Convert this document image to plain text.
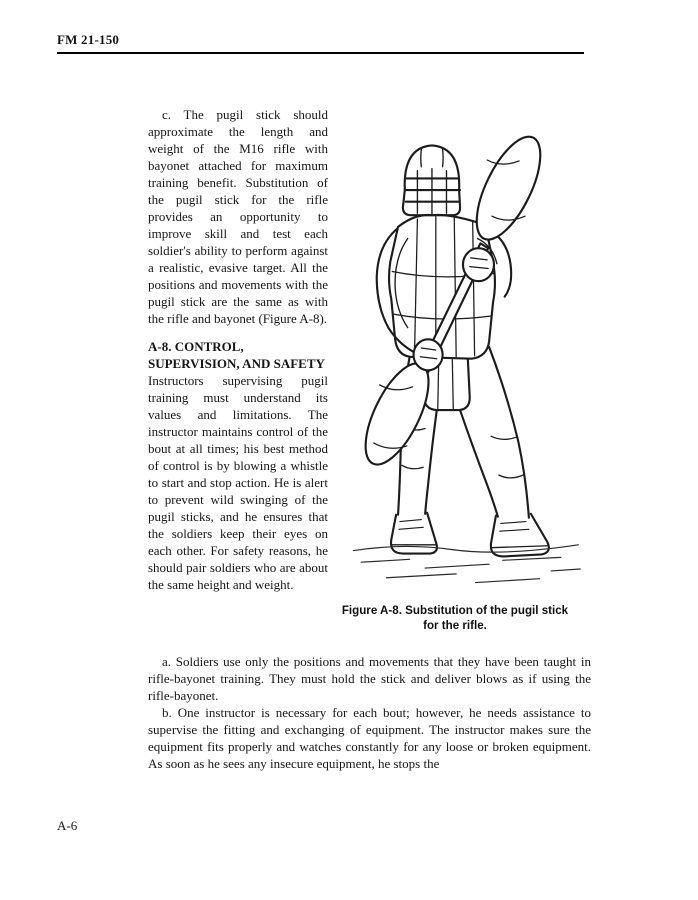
FM 21-150

c. The pugil stick should approximate the length and weight of the M16 rifle with bayonet attached for maximum training benefit. Substitution of the pugil stick for the rifle provides an opportunity to improve skill and test each soldier's ability to perform against a realistic, evasive target. All the positions and movements with the pugil stick are the same as with the rifle and bayonet (Figure A-8).

A-8. CONTROL, SUPERVISION, AND SAFETY

Instructors supervising pugil training must understand its values and limitations. The instructor maintains control of the bout at all times; his best method of control is by blowing a whistle to start and stop action. He is alert to prevent wild swinging of the pugil sticks, and he ensures that the soldiers keep their eyes on each other. For safety reasons, he should pair soldiers who are about the same height and weight.

Figure A-8. Substitution of the pugil stick
for the rifle.

a. Soldiers use only the positions and movements that they have been taught in rifle-bayonet training. They must hold the stick and deliver blows as if using the rifle-bayonet.

b. One instructor is necessary for each bout; however, he needs assistance to supervise the fitting and exchanging of equipment. The instructor makes sure the equipment fits properly and watches constantly for any loose or broken equipment. As soon as he sees any insecure equipment, he stops the

A-6
